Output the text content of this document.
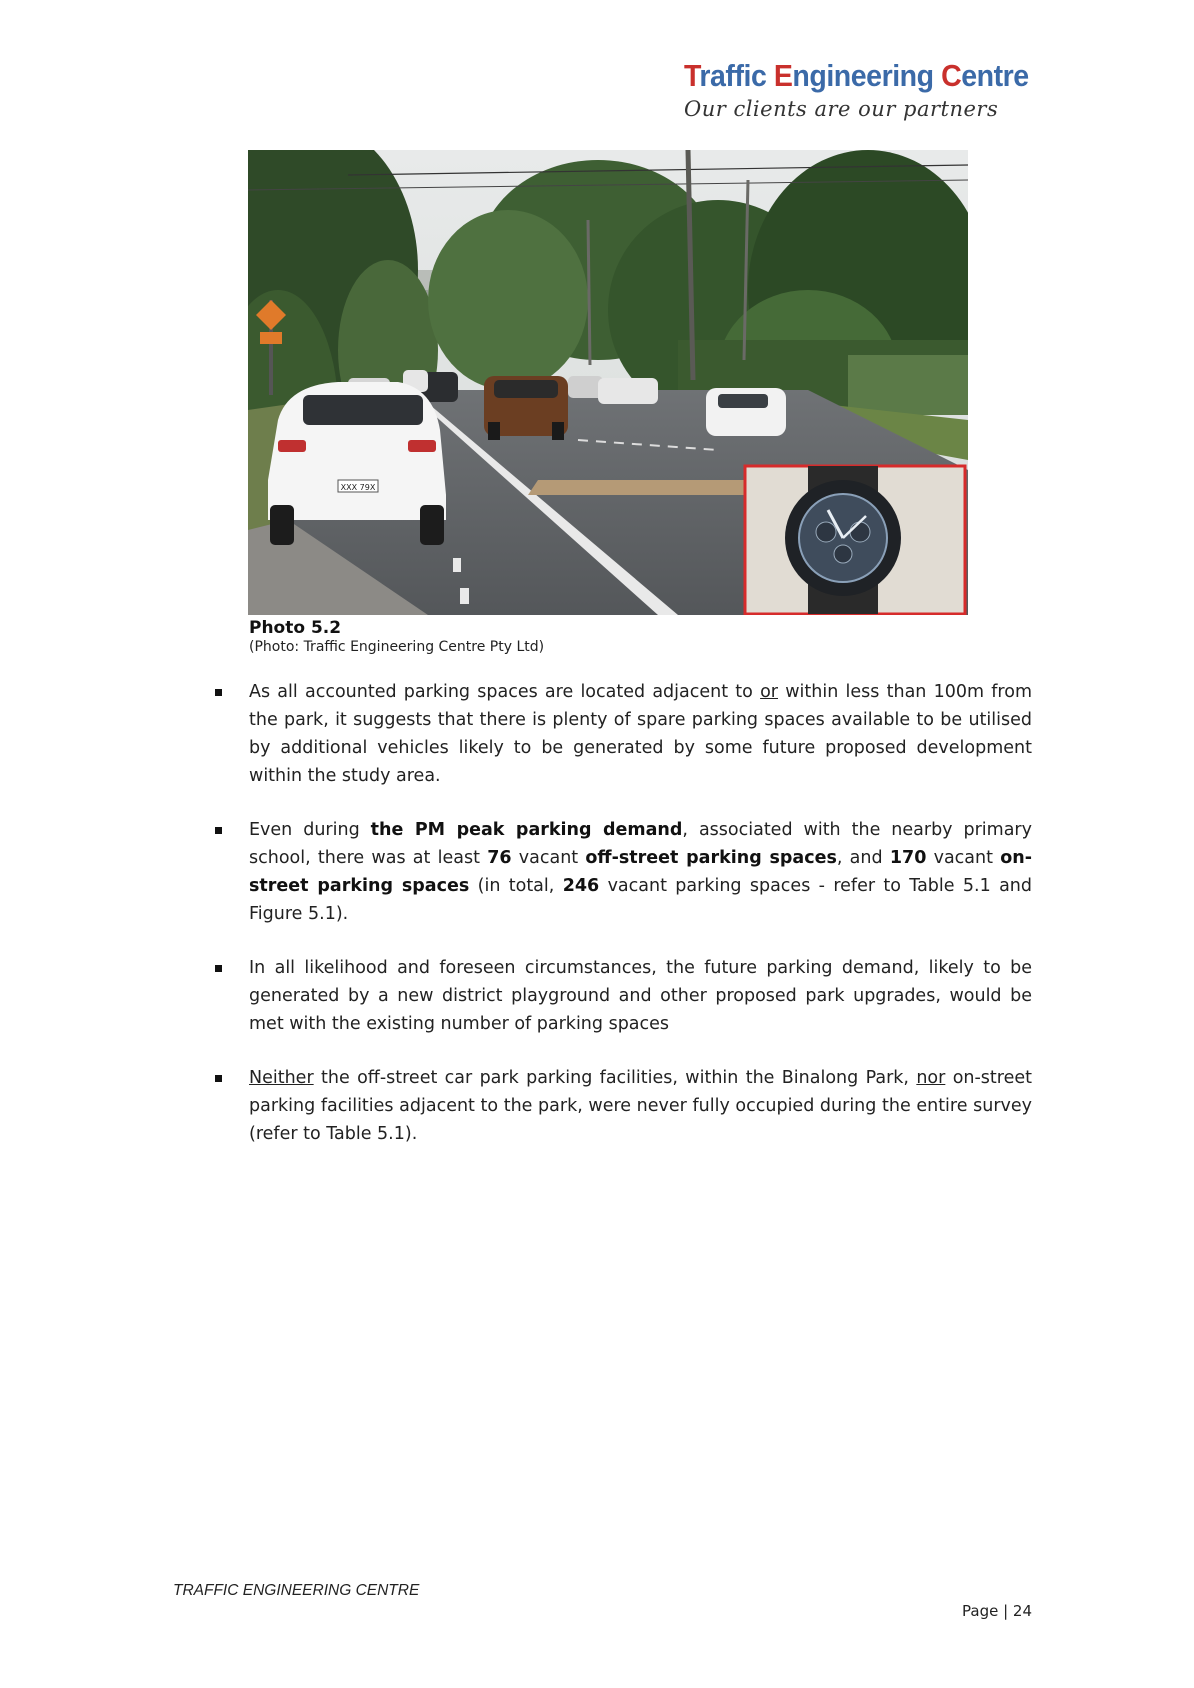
Traffic Engineering Centre
Our clients are our partners
XXX 79X
Photo 5.2
(Photo: Traffic Engineering Centre Pty Ltd)
As all accounted parking spaces are located adjacent to or within less than 100m from the park, it suggests that there is plenty of spare parking spaces available to be utilised by additional vehicles likely to be generated by some future proposed development within the study area.
Even during the PM peak parking demand, associated with the nearby primary school, there was at least 76 vacant off-street parking spaces, and 170 vacant on-street parking spaces (in total, 246 vacant parking spaces - refer to Table 5.1 and Figure 5.1).
In all likelihood and foreseen circumstances, the future parking demand, likely to be generated by a new district playground and other proposed park upgrades, would be met with the existing number of parking spaces
Neither the off-street car park parking facilities, within the Binalong Park, nor on-street parking facilities adjacent to the park, were never fully occupied during the entire survey (refer to Table 5.1).
TRAFFIC ENGINEERING CENTRE
Page | 24
